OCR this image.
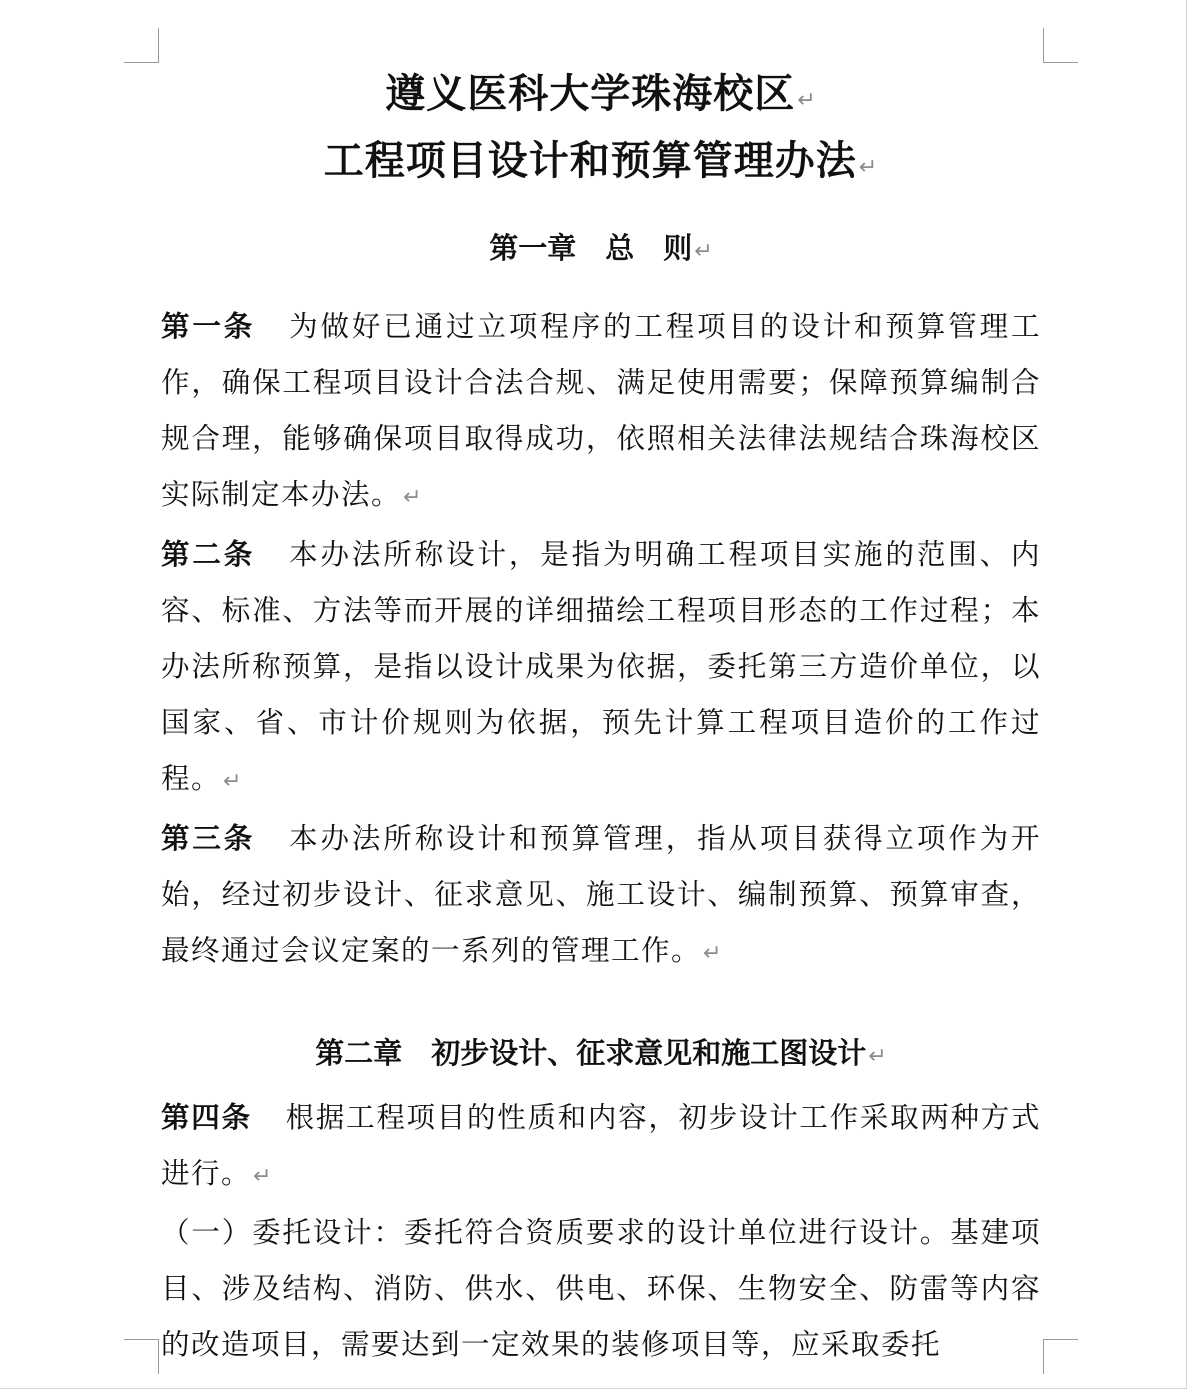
遵义医科大学珠海校区↵
工程项目设计和预算管理办法↵
第一章　总　则↵

第一条 为做好已通过立项程序的工程项目的设计和预算管理工作，确保工程项目设计合法合规、满足使用需要；保障预算编制合规合理，能够确保项目取得成功，依照相关法律法规结合珠海校区实际制定本办法。↵

第二条 本办法所称设计，是指为明确工程项目实施的范围、内容、标准、方法等而开展的详细描绘工程项目形态的工作过程；本办法所称预算，是指以设计成果为依据，委托第三方造价单位，以国家、省、市计价规则为依据，预先计算工程项目造价的工作过程。↵

第三条 本办法所称设计和预算管理，指从项目获得立项作为开始，经过初步设计、征求意见、施工设计、编制预算、预算审查，最终通过会议定案的一系列的管理工作。↵

第二章　初步设计、征求意见和施工图设计↵

第四条 根据工程项目的性质和内容，初步设计工作采取两种方式进行。↵

（一）委托设计：委托符合资质要求的设计单位进行设计。基建项目、涉及结构、消防、供水、供电、环保、生物安全、防雷等内容的改造项目，需要达到一定效果的装修项目等，应采取委托
